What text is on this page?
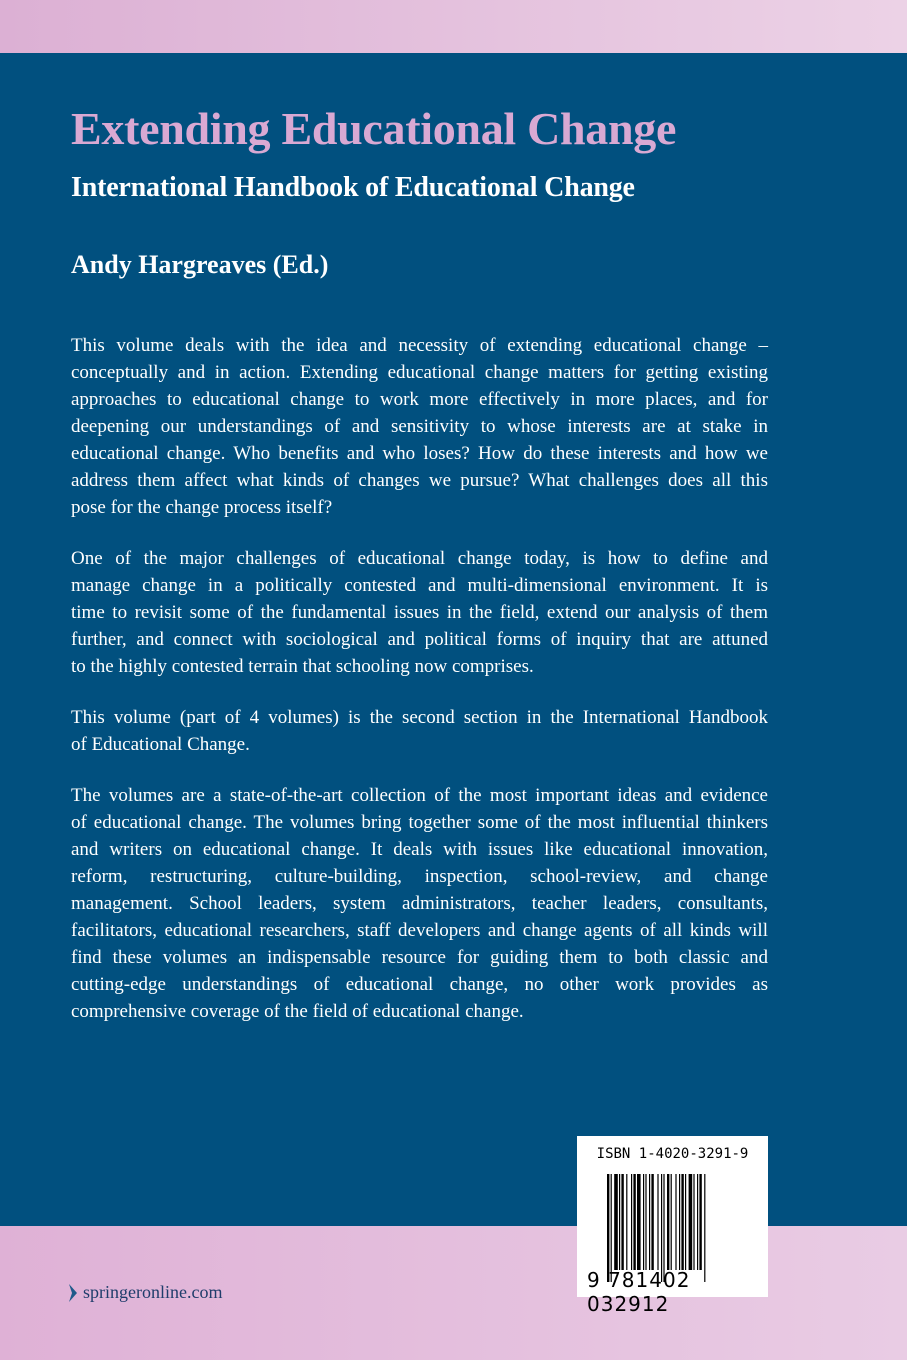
Extending Educational Change
International Handbook of Educational Change
Andy Hargreaves (Ed.)
This volume deals with the idea and necessity of extending educational change –
conceptually and in action. Extending educational change matters for getting existing
approaches to educational change to work more effectively in more places, and for
deepening our understandings of and sensitivity to whose interests are at stake in
educational change. Who benefits and who loses? How do these interests and how we
address them affect what kinds of changes we pursue? What challenges does all this
pose for the change process itself?
One of the major challenges of educational change today, is how to define and
manage change in a politically contested and multi-dimensional environment. It is
time to revisit some of the fundamental issues in the field, extend our analysis of them
further, and connect with sociological and political forms of inquiry that are attuned
to the highly contested terrain that schooling now comprises.
This volume (part of 4 volumes) is the second section in the International Handbook
of Educational Change.
The volumes are a state-of-the-art collection of the most important ideas and evidence
of educational change. The volumes bring together some of the most influential thinkers
and writers on educational change. It deals with issues like educational innovation,
reform, restructuring, culture-building, inspection, school-review, and change
management. School leaders, system administrators, teacher leaders, consultants,
facilitators, educational researchers, staff developers and change agents of all kinds will
find these volumes an indispensable resource for guiding them to both classic and
cutting-edge understandings of educational change, no other work provides as
comprehensive coverage of the field of educational change.
ISBN 1-4020-3291-9
9 781402 032912
springeronline.com
